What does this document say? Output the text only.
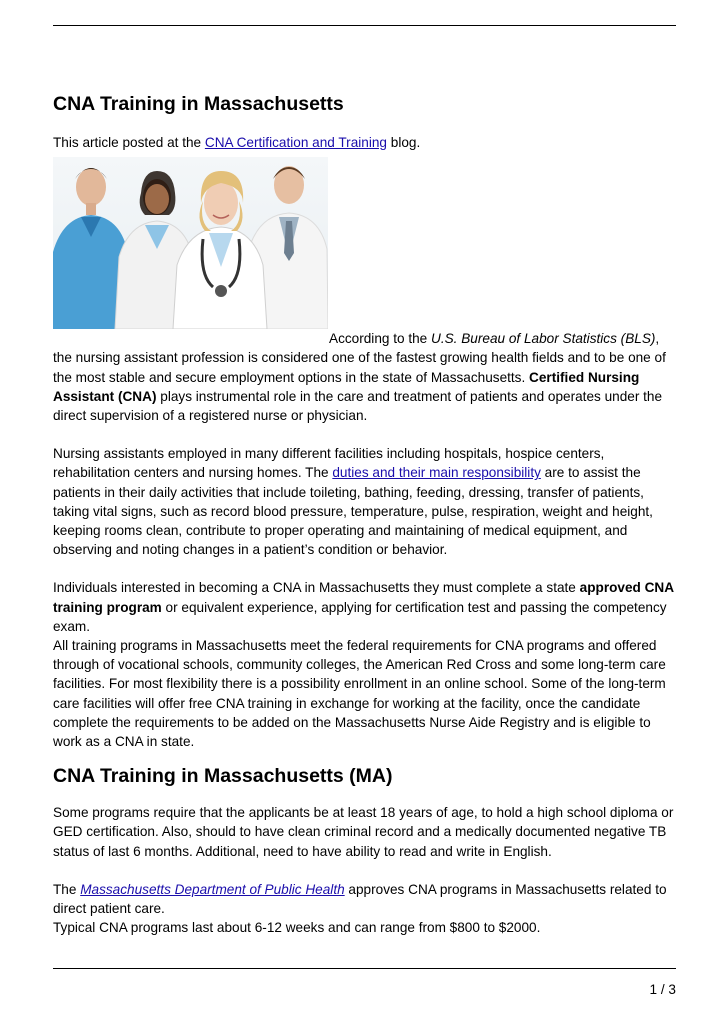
CNA Training in Massachusetts

This article posted at the CNA Certification and Training blog.

According to the U.S. Bureau of Labor Statistics (BLS), the nursing assistant profession is considered one of the fastest growing health fields and to be one of the most stable and secure employment options in the state of Massachusetts. Certified Nursing Assistant (CNA) plays instrumental role in the care and treatment of patients and operates under the direct supervision of a registered nurse or physician.

Nursing assistants employed in many different facilities including hospitals, hospice centers, rehabilitation centers and nursing homes. The duties and their main responsibility are to assist the patients in their daily activities that include toileting, bathing, feeding, dressing, transfer of patients, taking vital signs, such as record blood pressure, temperature, pulse, respiration, weight and height, keeping rooms clean, contribute to proper operating and maintaining of medical equipment, and observing and noting changes in a patient’s condition or behavior.

Individuals interested in becoming a CNA in Massachusetts they must complete a state approved CNA training program or equivalent experience, applying for certification test and passing the competency exam.

All training programs in Massachusetts meet the federal requirements for CNA programs and offered through of vocational schools, community colleges, the American Red Cross and some long-term care facilities. For most flexibility there is a possibility enrollment in an online school. Some of the long-term care facilities will offer free CNA training in exchange for working at the facility, once the candidate complete the requirements to be added on the Massachusetts Nurse Aide Registry and is eligible to work as a CNA in state.

CNA Training in Massachusetts (MA)

Some programs require that the applicants be at least 18 years of age, to hold a high school diploma or GED certification. Also, should to have clean criminal record and a medically documented negative TB status of last 6 months. Additional, need to have ability to read and write in English.

The Massachusetts Department of Public Health approves CNA programs in Massachusetts related to direct patient care.

Typical CNA programs last about 6-12 weeks and can range from $800 to $2000.

1 / 3
